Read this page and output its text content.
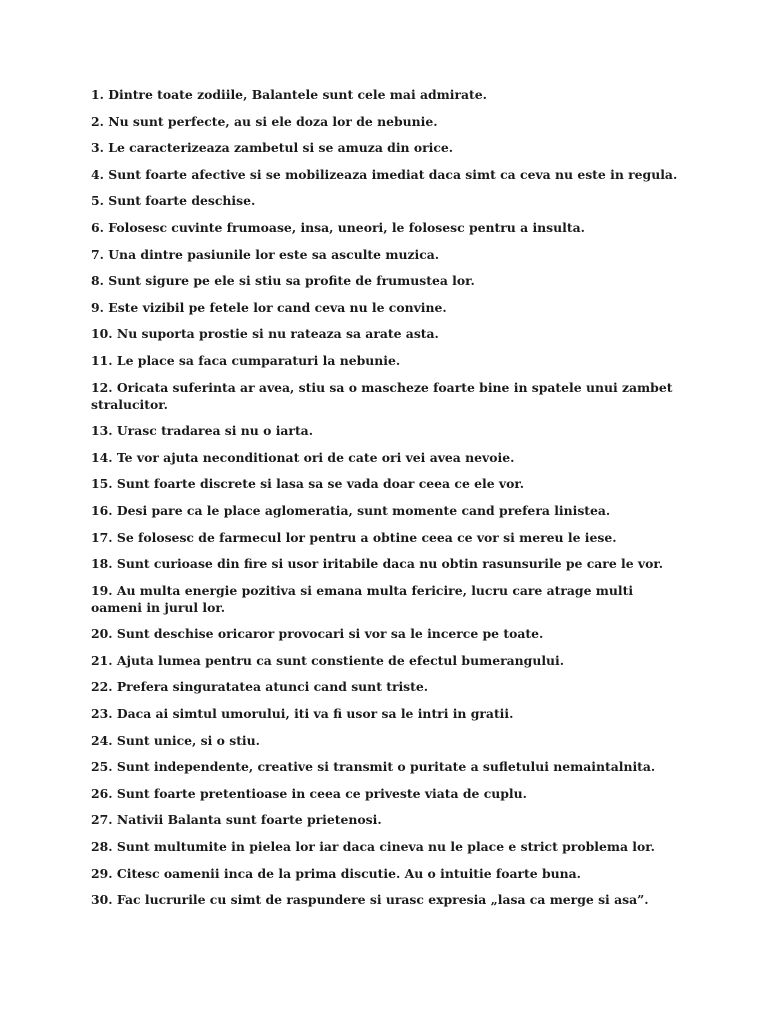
1. Dintre toate zodiile, Balantele sunt cele mai admirate.
2. Nu sunt perfecte, au si ele doza lor de nebunie.
3. Le caracterizeaza zambetul si se amuza din orice.
4. Sunt foarte afective si se mobilizeaza imediat daca simt ca ceva nu este in regula.
5. Sunt foarte deschise.
6. Folosesc cuvinte frumoase, insa, uneori, le folosesc pentru a insulta.
7. Una dintre pasiunile lor este sa asculte muzica.
8. Sunt sigure pe ele si stiu sa profite de frumustea lor.
9. Este vizibil pe fetele lor cand ceva nu le convine.
10. Nu suporta prostie si nu rateaza sa arate asta.
11. Le place sa faca cumparaturi la nebunie.
12. Oricata suferinta ar avea, stiu sa o mascheze foarte bine in spatele unui zambet stralucitor.
13. Urasc tradarea si nu o iarta.
14. Te vor ajuta neconditionat ori de cate ori vei avea nevoie.
15. Sunt foarte discrete si lasa sa se vada doar ceea ce ele vor.
16. Desi pare ca le place aglomeratia, sunt momente cand prefera linistea.
17. Se folosesc de farmecul lor pentru a obtine ceea ce vor si mereu le iese.
18. Sunt curioase din fire si usor iritabile daca nu obtin rasunsurile pe care le vor.
19. Au multa energie pozitiva si emana multa fericire, lucru care atrage multi oameni in jurul lor.
20. Sunt deschise oricaror provocari si vor sa le incerce pe toate.
21. Ajuta lumea pentru ca sunt constiente de efectul bumerangului.
22. Prefera singuratatea atunci cand sunt triste.
23. Daca ai simtul umorului, iti va fi usor sa le intri in gratii.
24. Sunt unice, si o stiu.
25. Sunt independente, creative si transmit o puritate a sufletului nemaintalnita.
26. Sunt foarte pretentioase in ceea ce priveste viata de cuplu.
27. Nativii Balanta sunt foarte prietenosi.
28. Sunt multumite in pielea lor iar daca cineva nu le place e strict problema lor.
29. Citesc oamenii inca de la prima discutie. Au o intuitie foarte buna.
30. Fac lucrurile cu simt de raspundere si urasc expresia „lasa ca merge si asa”.
